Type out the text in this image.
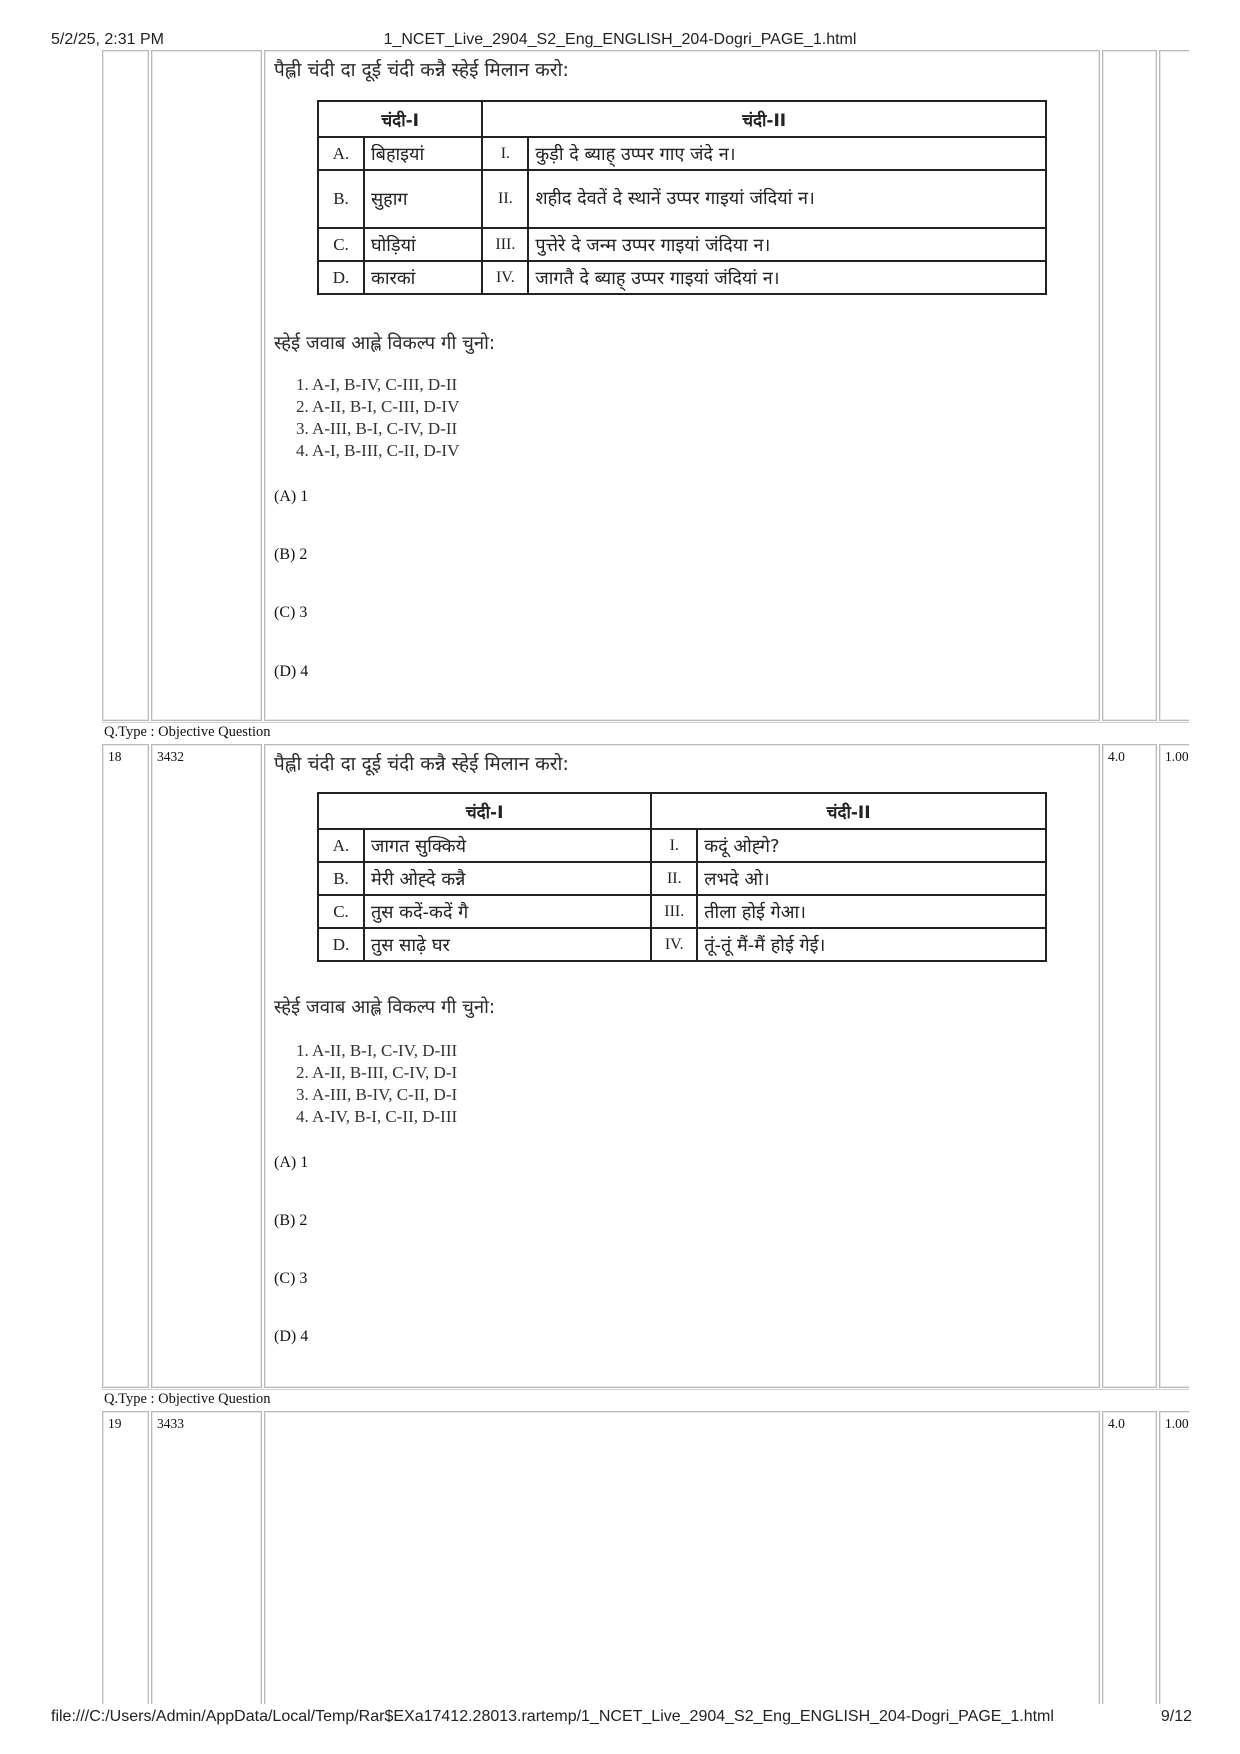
5/2/25, 2:31 PM	1_NCET_Live_2904_S2_Eng_ENGLISH_204-Dogri_PAGE_1.html

पैह्ली चंदी दा दूई चंदी कन्नै स्हेई मिलान करो:

चंदी-I		चंदी-II	
A.	बिहाइयां	I.	कुड़ी दे ब्याह् उप्पर गाए जंदे न।
B.	सुहाग	II.	शहीद देवतें दे स्थानें उप्पर गाइयां जंदियां न।
C.	घोड़ियां	III.	पुत्तेरे दे जन्म उप्पर गाइयां जंदिया न।
D.	कारकां	IV.	जागतै दे ब्याह् उप्पर गाइयां जंदियां न।
स्हेई जवाब आह्ले विकल्प गी चुनो:
1. A-I, B-IV, C-III, D-II
2. A-II, B-I, C-III, D-IV
3. A-III, B-I, C-IV, D-II
4. A-I, B-III, C-II, D-IV
(A) 1
(B) 2
(C) 3
(D) 4
Q.Type : Objective Question
18	3432	4.0	1.00

पैह्ली चंदी दा दूई चंदी कन्नै स्हेई मिलान करो:

चंदी-I		चंदी-II	
A.	जागत सुक्किये	I.	कदूं ओह्गे?
B.	मेरी ओह्दे कन्नै	II.	लभदे ओ।
C.	तुस कदें-कदें गै	III.	तीला होई गेआ।
D.	तुस साढ़े घर	IV.	तूं-तूं मैं-मैं होई गेई।
स्हेई जवाब आह्ले विकल्प गी चुनो:
1. A-II, B-I, C-IV, D-III
2. A-II, B-III, C-IV, D-I
3. A-III, B-IV, C-II, D-I
4. A-IV, B-I, C-II, D-III
(A) 1
(B) 2
(C) 3
(D) 4
Q.Type : Objective Question
19	3433	4.0	1.00
file:///C:/Users/Admin/AppData/Local/Temp/Rar$EXa17412.28013.rartemp/1_NCET_Live_2904_S2_Eng_ENGLISH_204-Dogri_PAGE_1.html	9/12
